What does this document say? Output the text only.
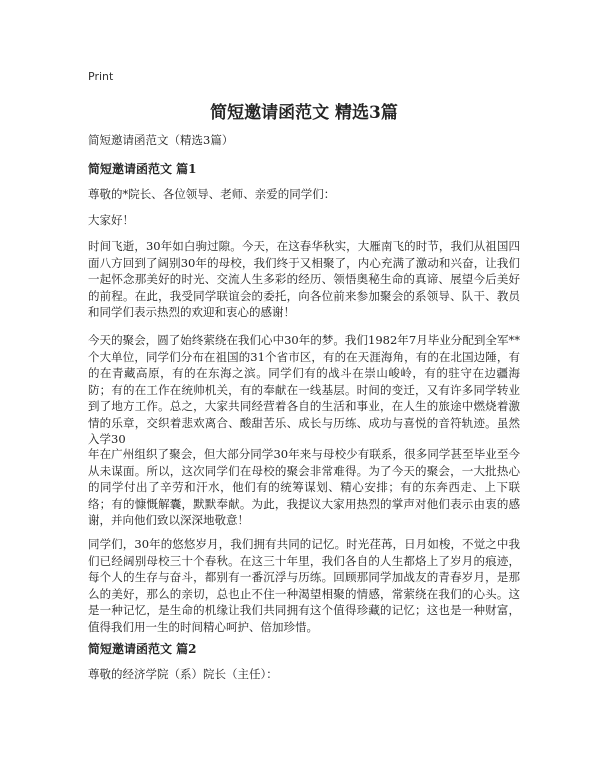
Print
简短邀请函范文 精选3篇

简短邀请函范文（精选3篇）

简短邀请函范文 篇1

尊敬的*院长、各位领导、老师、亲爱的同学们：

大家好！

时间飞逝，30年如白驹过隙。今天，在这春华秋实，大雁南飞的时节，我们从祖国四面八方回到了阔别30年的母校，我们终于又相聚了，内心充满了激动和兴奋，让我们一起怀念那美好的时光、交流人生多彩的经历、领悟奥秘生命的真谛、展望今后美好的前程。在此，我受同学联谊会的委托，向各位前来参加聚会的系领导、队干、教员和同学们表示热烈的欢迎和衷心的感谢！

今天的聚会，圆了始终萦绕在我们心中30年的梦。我们1982年7月毕业分配到全军**个大单位，同学们分布在祖国的31个省市区，有的在天涯海角，有的在北国边陲，有的在青藏高原，有的在东海之滨。同学们有的战斗在崇山峻岭，有的驻守在边疆海防；有的在工作在统帅机关，有的奉献在一线基层。时间的变迁，又有许多同学转业到了地方工作。总之，大家共同经营着各自的生活和事业，在人生的旅途中燃烧着激情的乐章，交织着悲欢离合、酸甜苦乐、成长与历练、成功与喜悦的音符轨迹。虽然入学30

年在广州组织了聚会，但大部分同学30年来与母校少有联系，很多同学甚至毕业至今从未谋面。所以，这次同学们在母校的聚会非常难得。为了今天的聚会，一大批热心的同学付出了辛劳和汗水，他们有的统筹谋划、精心安排；有的东奔西走、上下联络；有的慷慨解囊，默默奉献。为此，我提议大家用热烈的掌声对他们表示由衷的感谢，并向他们致以深深地敬意！

同学们，30年的悠悠岁月，我们拥有共同的记忆。时光荏苒，日月如梭，不觉之中我们已经阔别母校三十个春秋。在这三十年里，我们各自的人生都烙上了岁月的痕迹，每个人的生存与奋斗，都别有一番沉浮与历练。回顾那同学加战友的青春岁月，是那么的美好，那么的亲切，总也止不住一种渴望相聚的情感，常萦绕在我们的心头。这是一种记忆，是生命的机缘让我们共同拥有这个值得珍藏的记忆；这也是一种财富，值得我们用一生的时间精心呵护、倍加珍惜。

简短邀请函范文 篇2

尊敬的经济学院（系）院长（主任）：
